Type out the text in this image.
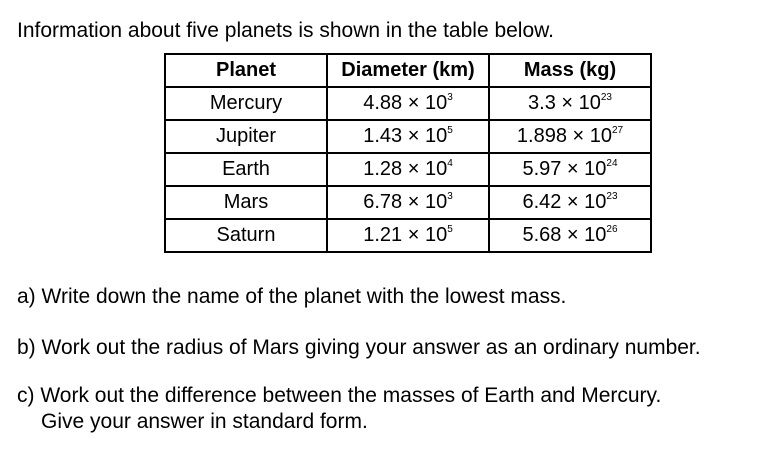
Information about five planets is shown in the table below.
Planet	Diameter (km)	Mass (kg)
Mercury	$4.88 \times 10^3$	$3.3 \times 10^{23}$
Jupiter	$1.43 \times 10^5$	$1.898 \times 10^{27}$
Earth	$1.28 \times 10^4$	$5.97 \times 10^{24}$
Mars	$6.78 \times 10^3$	$6.42 \times 10^{23}$
Saturn	$1.21 \times 10^5$	$5.68 \times 10^{26}$
a) Write down the name of the planet with the lowest mass.
b) Work out the radius of Mars giving your answer as an ordinary number.
c) Work out the difference between the masses of Earth and Mercury.
Give your answer in standard form.
